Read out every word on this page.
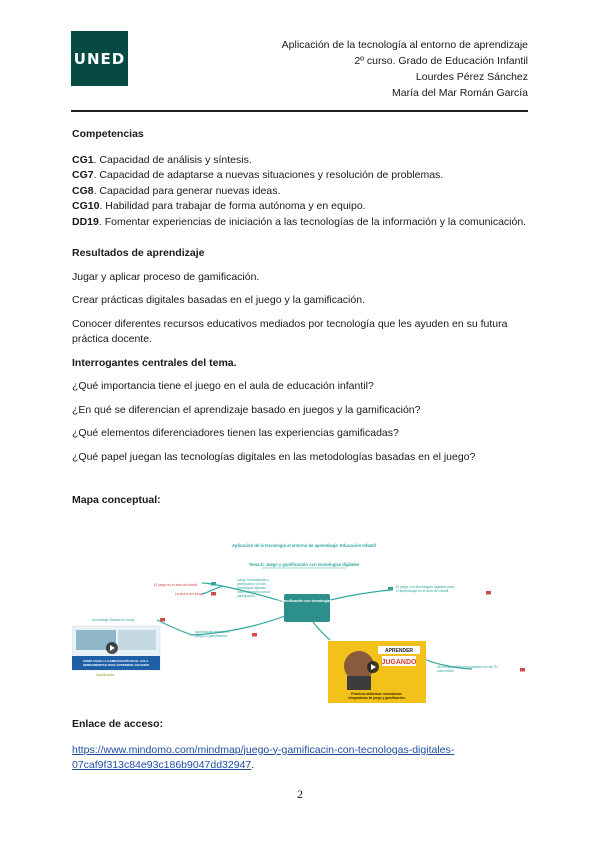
UNED
Aplicación de la tecnología al entorno de aprendizaje
2º curso. Grado de Educación Infantil
Lourdes Pérez Sánchez
María del Mar Román García

Competencias

CG1. Capacidad de análisis y síntesis.

CG7. Capacidad de adaptarse a nuevas situaciones y resolución de problemas.

CG8. Capacidad para generar nuevas ideas.

CG10. Habilidad para trabajar de forma autónoma y en equipo.

DD19. Fomentar experiencias de iniciación a las tecnologías de la información y la comunicación.

Resultados de aprendizaje

Jugar y aplicar proceso de gamificación.

Crear prácticas digitales basadas en el juego y la gamificación.

Conocer diferentes recursos educativos mediados por tecnología que les ayuden en su futura práctica docente.

Interrogantes centrales del tema.

¿Qué importancia tiene el juego en el aula de educación infantil?

¿En qué se diferencian el aprendizaje basado en juegos y la gamificación?

¿Qué elementos diferenciadores tienen las experiencias gamificadas?

¿Qué papel juegan las tecnologías digitales en las metodologías basadas en el juego?

Mapa conceptual:

Aplicación de la tecnología al entorno de aprendizaje. Educación Infantil
Tema 6: Juego y gamificación con tecnologías digitales
Juego y gamificación con tecnologías digitales
El juego en el aula de infantil
La teoría del juego
Juego, herramientas y gamificación con las tecnologías digitales como escenario para la participación.
El juego con tecnologías digitales para el aprendizaje en el aula de infantil.
Aprendizaje basado en juegos y gamificación.
Aprendizaje Basado en Juego
CÓMO USAR LA GAMIFICACIÓN EN EL AULA HERRAMIENTAS PARA APRENDER JUGANDO
Gamificación
APRENDER
JUGANDO
Prácticas didácticas innovadoras integradoras de juego y gamificación.
66 buenas prácticas educativas con las TIC para Infantil

Enlace de acceso:

https://www.mindomo.com/mindmap/juego-y-gamificacin-con-tecnologas-digitales-
07caf9f313c84e93c186b9047dd32947.

2
